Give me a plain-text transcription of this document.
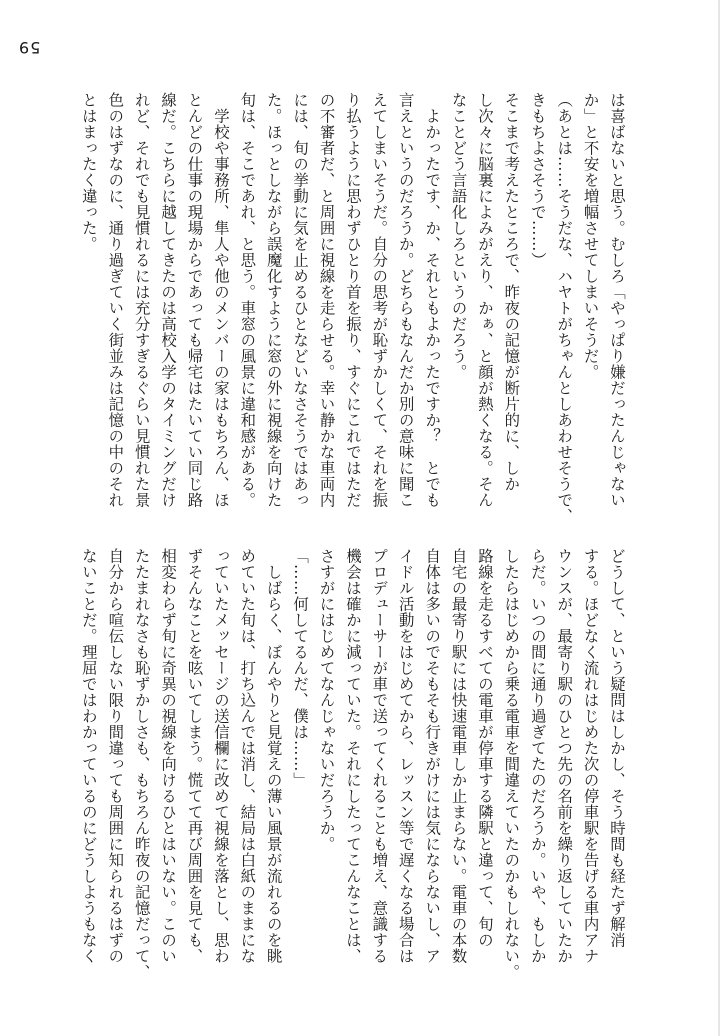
59
は喜ばないと思う。むしろ「やっぱり嫌だったんじゃない
か」と不安を増幅させてしまいそうだ。
（あとは……そうだな、ハヤトがちゃんとしあわせそうで、
きもちよさそうで……）
そこまで考えたところで、昨夜の記憶が断片的に、しか
し次々に脳裏によみがえり、かぁ、と顔が熱くなる。そん
なことどう言語化しろというのだろう。
　よかったです、か、それともよかったですか？　とでも
言えというのだろうか。どちらもなんだか別の意味に聞こ
えてしまいそうだ。自分の思考が恥ずかしくて、それを振
り払うように思わずひとり首を振り、すぐにこれではただ
の不審者だ、と周囲に視線を走らせる。幸い静かな車両内
には、旬の挙動に気を止めるひとなどいなさそうではあっ
た。ほっとしながら誤魔化すように窓の外に視線を向けた
旬は、そこであれ、と思う。車窓の風景に違和感がある。
　学校や事務所、隼人や他のメンバーの家はもちろん、ほ
とんどの仕事の現場からであっても帰宅はたいてい同じ路
線だ。こちらに越してきたのは高校入学のタイミングだけ
れど、それでも見慣れるには充分すぎるぐらい見慣れた景
色のはずなのに、通り過ぎていく街並みは記憶の中のそれ
とはまったく違った。
どうして、という疑問はしかし、そう時間も経たず解消
する。ほどなく流れはじめた次の停車駅を告げる車内アナ
ウンスが、最寄り駅のひとつ先の名前を繰り返していたか
らだ。いつの間に通り過ぎてたのだろうか。いや、もしか
したらはじめから乗る電車を間違えていたのかもしれない。
路線を走るすべての電車が停車する隣駅と違って、旬の
自宅の最寄り駅には快速電車しか止まらない。電車の本数
自体は多いのでそもそも行きがけには気にならないし、ア
イドル活動をはじめてから、レッスン等で遅くなる場合は
プロデューサーが車で送ってくれることも増え、意識する
機会は確かに減っていた。それにしたってこんなことは、
さすがにはじめてなんじゃないだろうか。
「……何してるんだ、僕は……」
　しばらく、ぼんやりと見覚えの薄い風景が流れるのを眺
めていた旬は、打ち込んでは消し、結局は白紙のままにな
っていたメッセージの送信欄に改めて視線を落とし、思わ
ずそんなことを呟いてしまう。慌てて再び周囲を見ても、
相変わらず旬に奇異の視線を向けるひとはいない。このい
たたまれなさも恥ずかしさも、もちろん昨夜の記憶だって、
自分から喧伝しない限り間違っても周囲に知られるはずの
ないことだ。理屈ではわかっているのにどうしようもなく
